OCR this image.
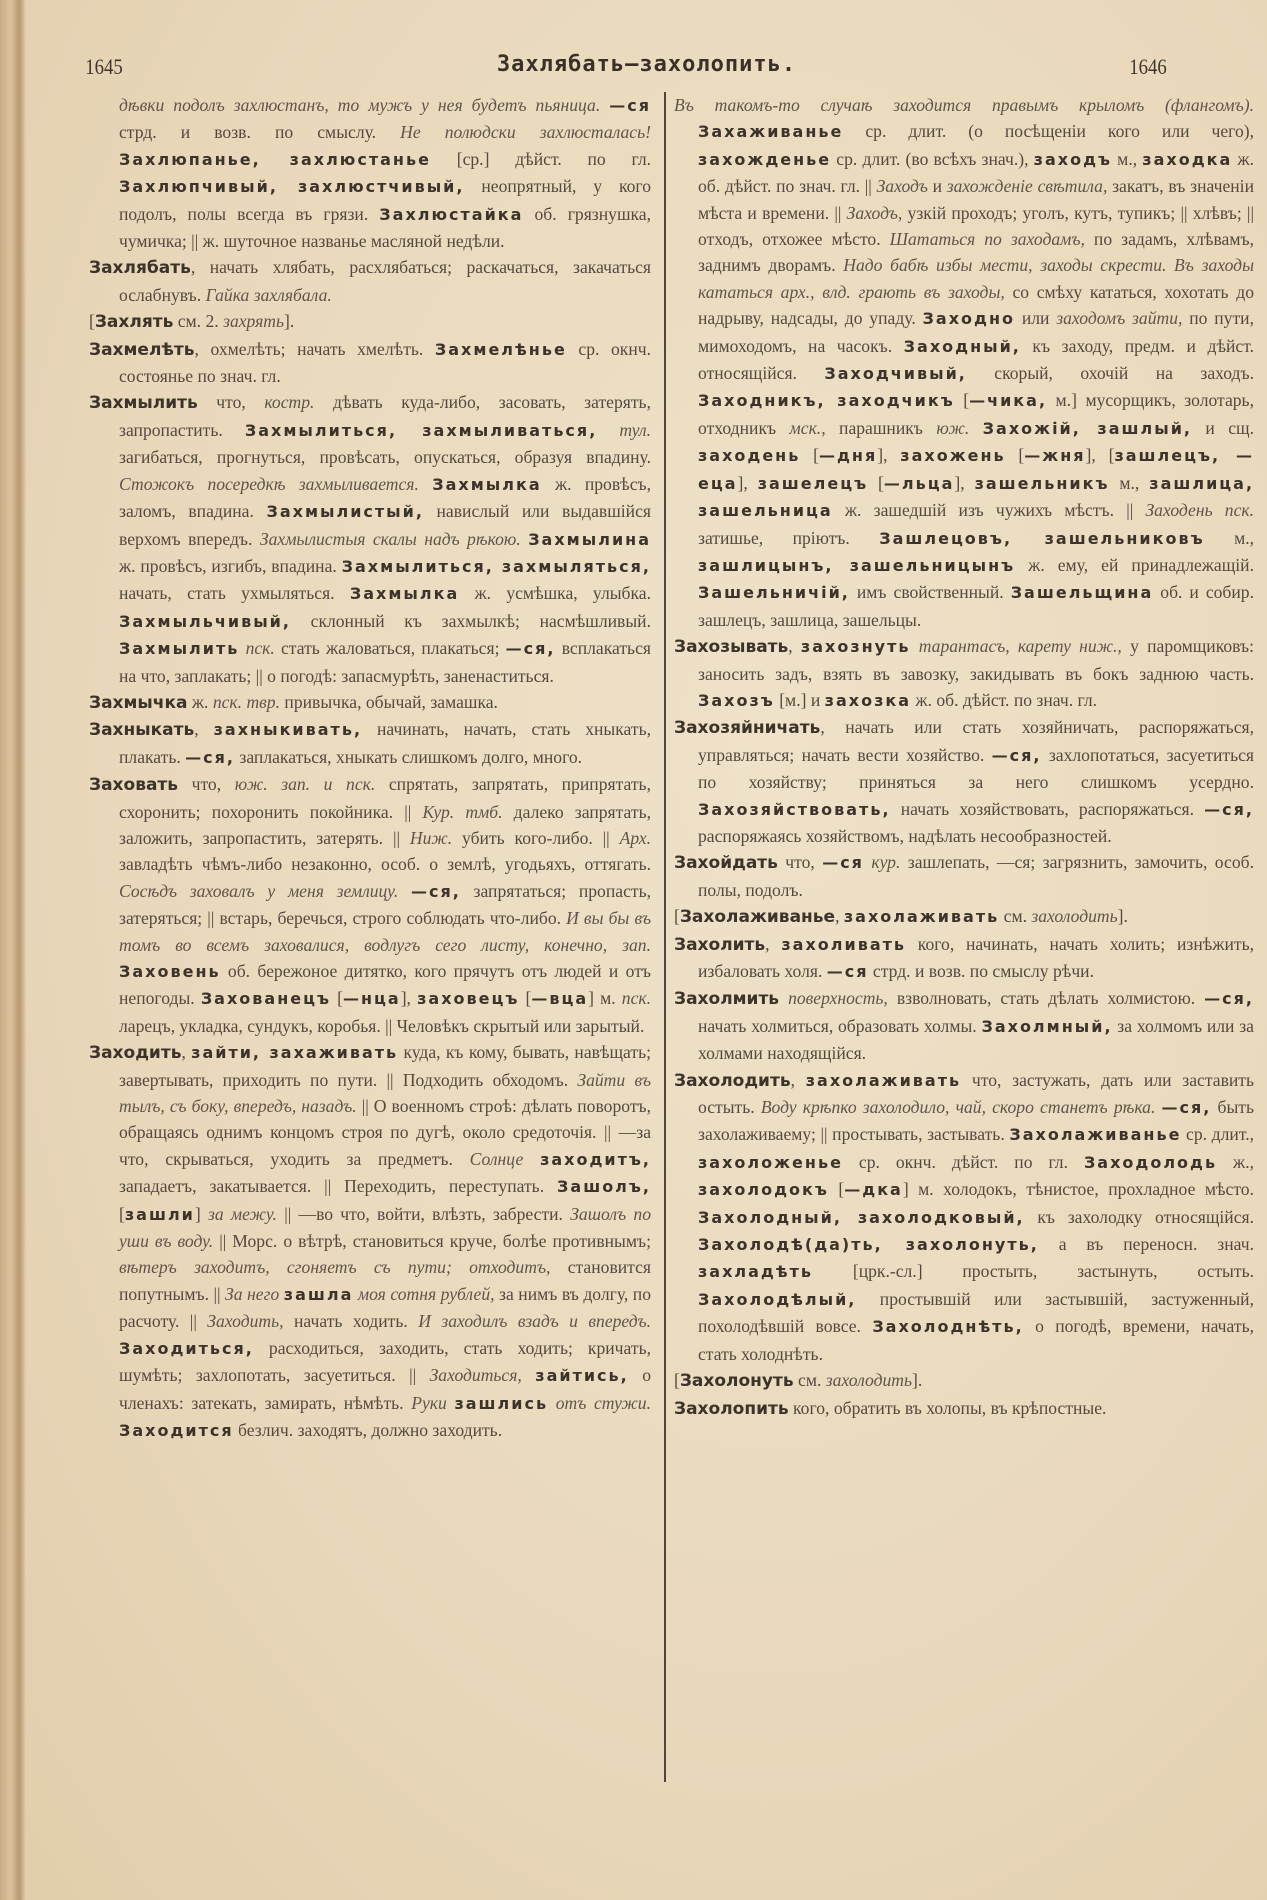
1645	Захлябать—захолопить.	1646

дѣвки подолъ захлюстанъ, то мужъ у нея будетъ пьяница. —ся стрд. и возв. по смыслу. Не полюдски захлюсталась! Захлюпанье, захлюстанье [ср.] дѣйст. по гл. Захлюпчивый, захлюстчивый, неопрятный, у кого подолъ, полы всегда въ грязи. Захлюстайка об. грязнушка, чумичка; || ж. шуточное названье масляной недѣли.

Захлябать, начать хлябать, расхлябаться; раскачаться, закачаться ослабнувъ. Гайка захлябала.

[Захлять см. 2. захрять].

Захмелѣть, охмелѣть; начать хмелѣть. Захмелѣнье ср. окнч. состоянье по знач. гл.

Захмылить что, костр. дѣвать куда-либо, засовать, затерять, запропастить. Захмылиться, захмыливаться, тул. загибаться, прогнуться, провѣсать, опускаться, образуя впадину. Стожокъ посередкѣ захмыливается. Захмылка ж. провѣсъ, заломъ, впадина. Захмылистый, навислый или выдавшійся верхомъ впередъ. Захмылистыя скалы надъ рѣкою. Захмылина ж. провѣсъ, изгибъ, впадина. Захмылиться, захмыляться, начать, стать ухмыляться. Захмылка ж. усмѣшка, улыбка. Захмыльчивый, склонный къ захмылкѣ; насмѣшливый. Захмылить пск. стать жаловаться, плакаться; —ся, всплакаться на что, заплакать; || о погодѣ: запасмурѣть, заненаститься.

Захмычка ж. пск. твр. привычка, обычай, замашка.

Захныкать, захныкивать, начинать, начать, стать хныкать, плакать. —ся, заплакаться, хныкать слишкомъ долго, много.

Заховать что, юж. зап. и пск. спрятать, запрятать, припрятать, схоронить; похоронить покойника. || Кур. тмб. далеко запрятать, заложить, запропастить, затерять. || Ниж. убить кого-либо. || Арх. завладѣть чѣмъ-либо незаконно, особ. о землѣ, угодьяхъ, оттягать. Сосѣдъ заховалъ у меня землицу. —ся, запрятаться; пропасть, затеряться; || встарь, беречься, строго соблюдать что-либо. И вы бы въ томъ во всемъ заховалися, водлугъ сего листу, конечно, зап. Заховень об. бережоное дитятко, кого прячутъ отъ людей и отъ непогоды. Захованецъ [—нца], заховецъ [—вца] м. пск. ларецъ, укладка, сундукъ, коробья. || Человѣкъ скрытый или зарытый.

Заходить, зайти, захаживать куда, къ кому, бывать, навѣщать; завертывать, приходить по пути. || Подходить обходомъ. Зайти въ тылъ, съ боку, впередъ, назадъ. || О военномъ строѣ: дѣлать поворотъ, обращаясь однимъ концомъ строя по дугѣ, около средоточія. || —за что, скрываться, уходить за предметъ. Солнце заходитъ, западаетъ, закатывается. || Переходить, переступать. Зашолъ, [зашли] за межу. || —во что, войти, влѣзть, забрести. Зашолъ по уши въ воду. || Морс. о вѣтрѣ, становиться круче, болѣе противнымъ; вѣтеръ заходитъ, сгоняетъ съ пути; отходитъ, становится попутнымъ. || За него зашла моя сотня рублей, за нимъ въ долгу, по расчоту. || Заходить, начать ходить. И заходилъ взадъ и впередъ. Заходиться, расходиться, заходить, стать ходить; кричать, шумѣть; захлопотать, засуетиться. || Заходиться, зайтись, о членахъ: затекать, замирать, нѣмѣть. Руки зашлись отъ стужи. Заходится безлич. заходятъ, должно заходить.

Въ такомъ-то случаѣ заходится правымъ крыломъ (флангомъ). Захаживанье ср. длит. (о посѣщеніи кого или чего), захожденье ср. длит. (во всѣхъ знач.), заходъ м., заходка ж. об. дѣйст. по знач. гл. || Заходъ и захожденіе свѣтила, закатъ, въ значеніи мѣста и времени. || Заходъ, узкій проходъ; уголъ, кутъ, тупикъ; || хлѣвъ; || отходъ, отхожее мѣсто. Шататься по заходамъ, по задамъ, хлѣвамъ, заднимъ дворамъ. Надо бабѣ избы мести, заходы скрести. Въ заходы кататься арх., влд. грають въ заходы, со смѣху кататься, хохотать до надрыву, надсады, до упаду. Заходно или заходомъ зайти, по пути, мимоходомъ, на часокъ. Заходный, къ заходу, предм. и дѣйст. относящійся. Заходчивый, скорый, охочій на заходъ. Заходникъ, заходчикъ [—чика, м.] мусорщикъ, золотарь, отходникъ мск., парашникъ юж. Захожій, зашлый, и сщ. заходень [—дня], захожень [—жня], [зашлецъ, —еца], зашелецъ [—льца], зашельникъ м., зашлица, зашельница ж. зашедшій изъ чужихъ мѣстъ. || Заходень пск. затишье, пріютъ. Зашлецовъ, зашельниковъ м., зашлицынъ, зашельницынъ ж. ему, ей принадлежащій. Зашельничій, имъ свойственный. Зашельщина об. и собир. зашлецъ, зашлица, зашельцы.

Захозывать, захознуть тарантасъ, карету ниж., у паромщиковъ: заносить задъ, взять въ завозку, закидывать въ бокъ заднюю часть. Захозъ [м.] и захозка ж. об. дѣйст. по знач. гл.

Захозяйничать, начать или стать хозяйничать, распоряжаться, управляться; начать вести хозяйство. —ся, захлопотаться, засуетиться по хозяйству; приняться за него слишкомъ усердно. Захозяйствовать, начать хозяйствовать, распоряжаться. —ся, распоряжаясь хозяйствомъ, надѣлать несообразностей.

Захойдать что, —ся кур. зашлепать, —ся; загрязнить, замочить, особ. полы, подолъ.

[Захолаживанье, захолаживать см. захолодить].

Захолить, захоливать кого, начинать, начать холить; изнѣжить, избаловать холя. —ся стрд. и возв. по смыслу рѣчи.

Захолмить поверхность, взволновать, стать дѣлать холмистою. —ся, начать холмиться, образовать холмы. Захолмный, за холмомъ или за холмами находящійся.

Захолодить, захолаживать что, застужать, дать или заставить остыть. Воду крѣпко захолодило, чай, скоро станетъ рѣка. —ся, быть захолаживаему; || простывать, застывать. Захолаживанье ср. длит., захоложенье ср. окнч. дѣйст. по гл. Заходолодь ж., захолодокъ [—дка] м. холодокъ, тѣнистое, прохладное мѣсто. Захолодный, захолодковый, къ захолодку относящійся. Захолодѣ(да)ть, захолонуть, а въ переносн. знач. захладѣть [црк.-сл.] простыть, застынуть, остыть. Захолодѣлый, простывшій или застывшій, застуженный, похолодѣвшій вовсе. Захолоднѣть, о погодѣ, времени, начать, стать холоднѣть.

[Захолонуть см. захолодить].

Захолопить кого, обратить въ холопы, въ крѣпостные.
